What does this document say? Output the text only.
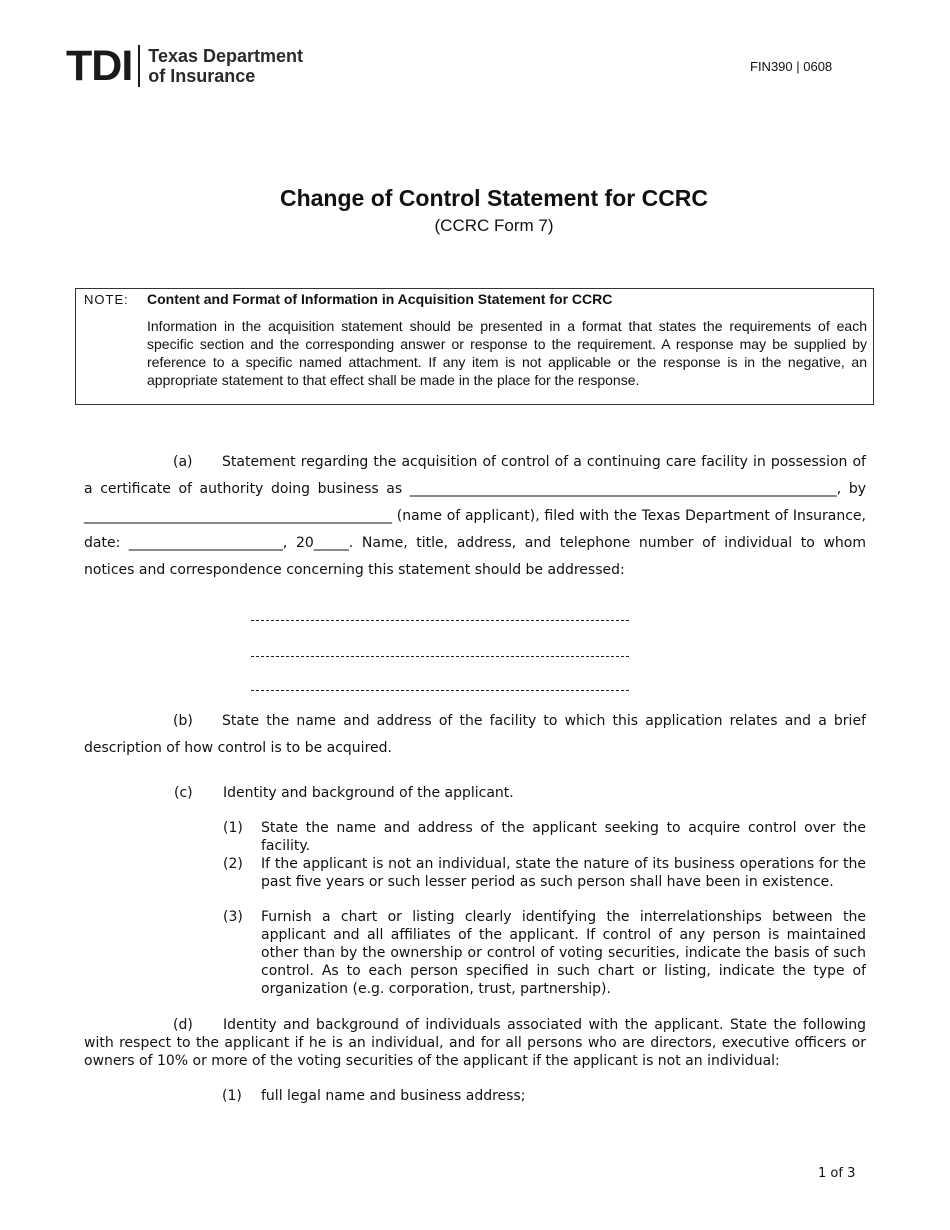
TDI Texas Department
of Insurance	FIN390 | 0608
Change of Control Statement for CCRC
(CCRC Form 7)
NOTE: Content and Format of Information in Acquisition Statement for CCRC
Information in the acquisition statement should be presented in a format that states the requirements of each specific section and the corresponding answer or response to the requirement. A response may be supplied by reference to a specific named attachment. If any item is not applicable or the response is in the negative, an appropriate statement to that effect shall be made in the place for the response.
(a) Statement regarding the acquisition of control of a continuing care facility in possession of a certificate of authority doing business as _____________________________________________________________, by ____________________________________________ (name of applicant), filed with the Texas Department of Insurance, date: ______________________, 20_____. Name, title, address, and telephone number of individual to whom notices and correspondence concerning this statement should be addressed:
(b) State the name and address of the facility to which this application relates and a brief description of how control is to be acquired.
(c) Identity and background of the applicant.
(1) State the name and address of the applicant seeking to acquire control over the facility.
(2) If the applicant is not an individual, state the nature of its business operations for the past five years or such lesser period as such person shall have been in existence.
(3) Furnish a chart or listing clearly identifying the interrelationships between the applicant and all affiliates of the applicant. If control of any person is maintained other than by the ownership or control of voting securities, indicate the basis of such control. As to each person specified in such chart or listing, indicate the type of organization (e.g. corporation, trust, partnership).
(d) Identity and background of individuals associated with the applicant. State the following with respect to the applicant if he is an individual, and for all persons who are directors, executive officers or owners of 10% or more of the voting securities of the applicant if the applicant is not an individual:
(1) full legal name and business address;
1 of 3
